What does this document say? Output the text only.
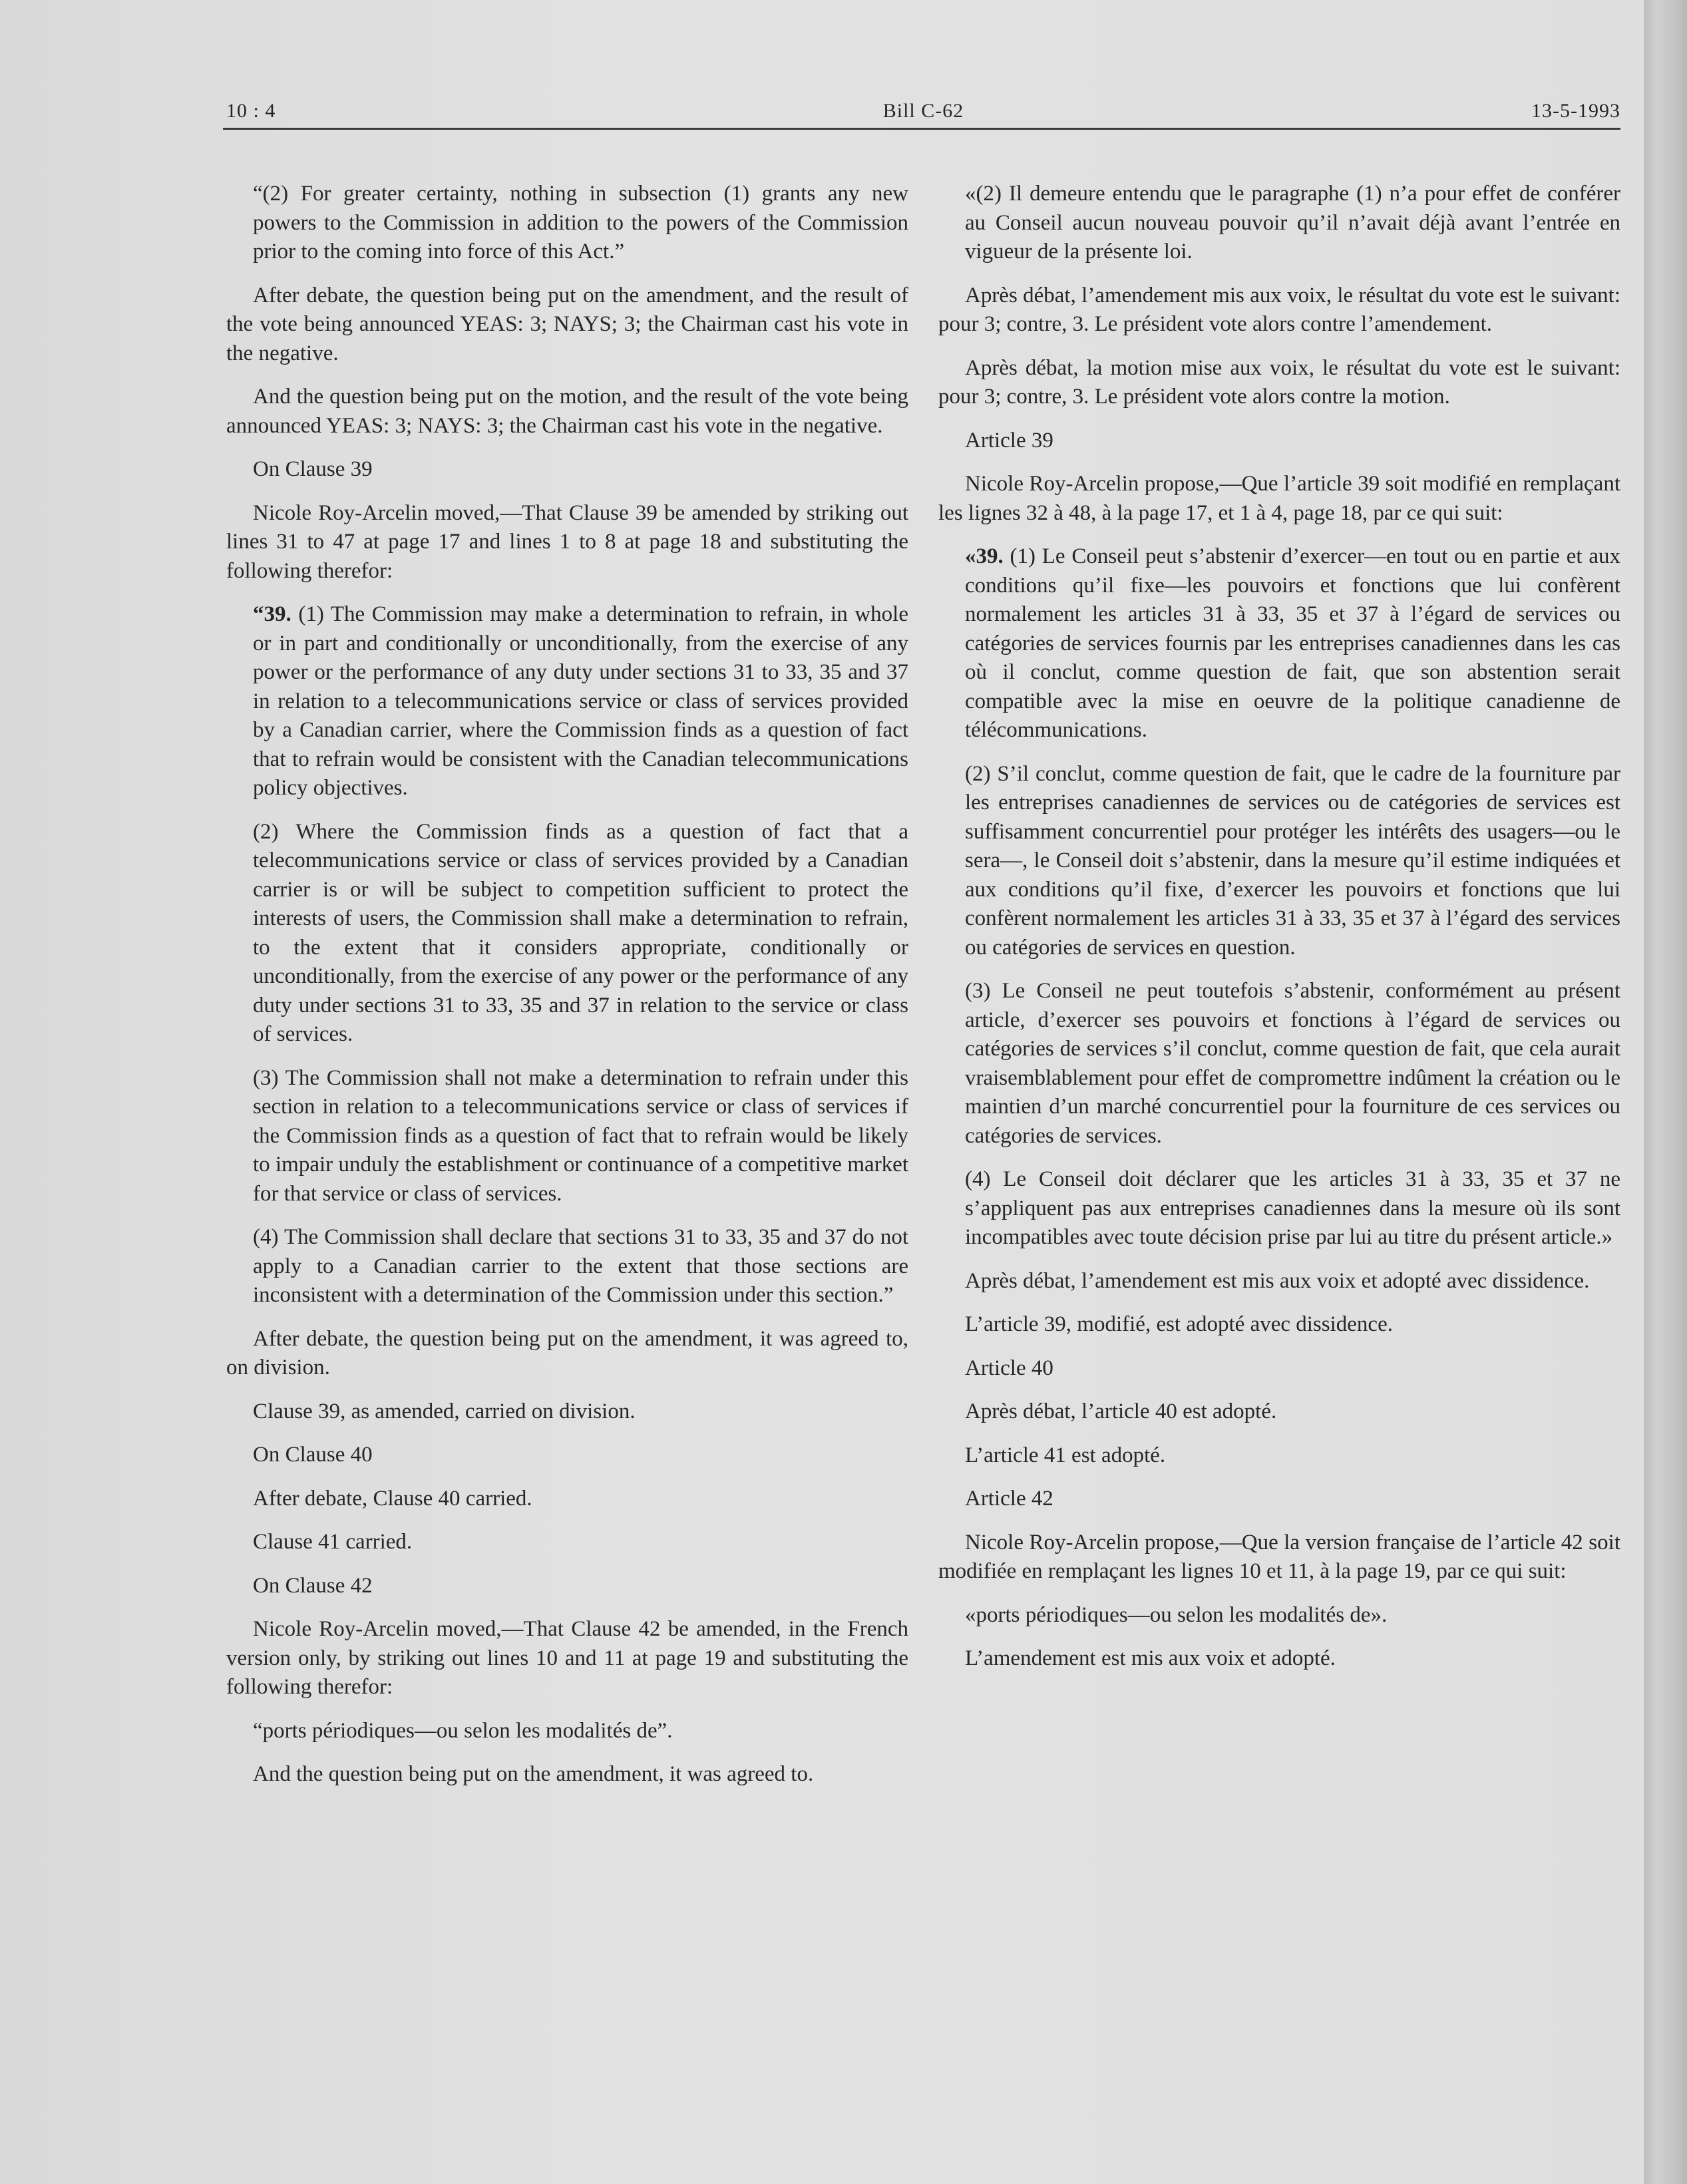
10 : 4	Bill C-62	13-5-1993

“(2) For greater certainty, nothing in subsection (1) grants any new powers to the Commission in addition to the powers of the Commission prior to the coming into force of this Act.”

After debate, the question being put on the amendment, and the result of the vote being announced YEAS: 3; NAYS; 3; the Chairman cast his vote in the negative.

And the question being put on the motion, and the result of the vote being announced YEAS: 3; NAYS: 3; the Chairman cast his vote in the negative.

On Clause 39

Nicole Roy-Arcelin moved,—That Clause 39 be amended by striking out lines 31 to 47 at page 17 and lines 1 to 8 at page 18 and substituting the following therefor:

“39. (1) The Commission may make a determination to refrain, in whole or in part and conditionally or unconditionally, from the exercise of any power or the performance of any duty under sections 31 to 33, 35 and 37 in relation to a telecommunications service or class of services provided by a Canadian carrier, where the Commission finds as a question of fact that to refrain would be consistent with the Canadian telecommunications policy objectives.

(2) Where the Commission finds as a question of fact that a telecommunications service or class of services provided by a Canadian carrier is or will be subject to competition sufficient to protect the interests of users, the Commission shall make a determination to refrain, to the extent that it considers appropriate, conditionally or unconditionally, from the exercise of any power or the performance of any duty under sections 31 to 33, 35 and 37 in relation to the service or class of services.

(3) The Commission shall not make a determination to refrain under this section in relation to a telecommunications service or class of services if the Commission finds as a question of fact that to refrain would be likely to impair unduly the establishment or continuance of a competitive market for that service or class of services.

(4) The Commission shall declare that sections 31 to 33, 35 and 37 do not apply to a Canadian carrier to the extent that those sections are inconsistent with a determination of the Commission under this section.”

After debate, the question being put on the amendment, it was agreed to, on division.

Clause 39, as amended, carried on division.

On Clause 40

After debate, Clause 40 carried.

Clause 41 carried.

On Clause 42

Nicole Roy-Arcelin moved,—That Clause 42 be amended, in the French version only, by striking out lines 10 and 11 at page 19 and substituting the following therefor:

“ports périodiques—ou selon les modalités de”.

And the question being put on the amendment, it was agreed to.

«(2) Il demeure entendu que le paragraphe (1) n’a pour effet de conférer au Conseil aucun nouveau pouvoir qu’il n’avait déjà avant l’entrée en vigueur de la présente loi.

Après débat, l’amendement mis aux voix, le résultat du vote est le suivant: pour 3; contre, 3. Le président vote alors contre l’amendement.

Après débat, la motion mise aux voix, le résultat du vote est le suivant: pour 3; contre, 3. Le président vote alors contre la motion.

Article 39

Nicole Roy-Arcelin propose,—Que l’article 39 soit modifié en remplaçant les lignes 32 à 48, à la page 17, et 1 à 4, page 18, par ce qui suit:

«39. (1) Le Conseil peut s’abstenir d’exercer—en tout ou en partie et aux conditions qu’il fixe—les pouvoirs et fonctions que lui confèrent normalement les articles 31 à 33, 35 et 37 à l’égard de services ou catégories de services fournis par les entreprises canadiennes dans les cas où il conclut, comme question de fait, que son abstention serait compatible avec la mise en oeuvre de la politique canadienne de télécommunications.

(2) S’il conclut, comme question de fait, que le cadre de la fourniture par les entreprises canadiennes de services ou de catégories de services est suffisamment concurrentiel pour protéger les intérêts des usagers—ou le sera—, le Conseil doit s’abstenir, dans la mesure qu’il estime indiquées et aux conditions qu’il fixe, d’exercer les pouvoirs et fonctions que lui confèrent normalement les articles 31 à 33, 35 et 37 à l’égard des services ou catégories de services en question.

(3) Le Conseil ne peut toutefois s’abstenir, conformément au présent article, d’exercer ses pouvoirs et fonctions à l’égard de services ou catégories de services s’il conclut, comme question de fait, que cela aurait vraisemblablement pour effet de compromettre indûment la création ou le maintien d’un marché concurrentiel pour la fourniture de ces services ou catégories de services.

(4) Le Conseil doit déclarer que les articles 31 à 33, 35 et 37 ne s’appliquent pas aux entreprises canadiennes dans la mesure où ils sont incompatibles avec toute décision prise par lui au titre du présent article.»

Après débat, l’amendement est mis aux voix et adopté avec dissidence.

L’article 39, modifié, est adopté avec dissidence.

Article 40

Après débat, l’article 40 est adopté.

L’article 41 est adopté.

Article 42

Nicole Roy-Arcelin propose,—Que la version française de l’article 42 soit modifiée en remplaçant les lignes 10 et 11, à la page 19, par ce qui suit:

«ports périodiques—ou selon les modalités de».

L’amendement est mis aux voix et adopté.
